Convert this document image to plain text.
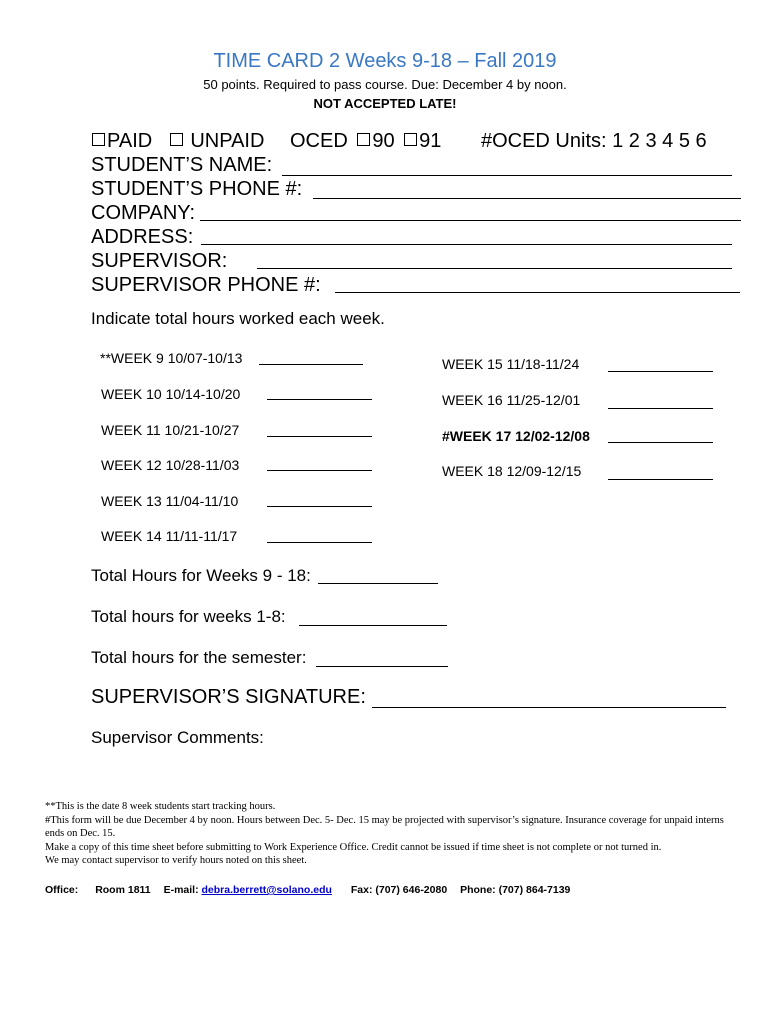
TIME CARD 2 Weeks 9-18 – Fall 2019
50 points. Required to pass course. Due: December 4 by noon.
NOT ACCEPTED LATE!
PAID UNPAID OCED 90 91 #OCED Units: 1 2 3 4 5 6
STUDENT’S NAME:
STUDENT’S PHONE #:
COMPANY:
ADDRESS:
SUPERVISOR:
SUPERVISOR PHONE #:
Indicate total hours worked each week.
**WEEK 9 10/07-10/13
WEEK 10 10/14-10/20
WEEK 11 10/21-10/27
WEEK 12 10/28-11/03
WEEK 13 11/04-11/10
WEEK 14 11/11-11/17
WEEK 15 11/18-11/24
WEEK 16 11/25-12/01
#WEEK 17 12/02-12/08
WEEK 18 12/09-12/15
Total Hours for Weeks 9 - 18:
Total hours for weeks 1-8:
Total hours for the semester:
SUPERVISOR’S SIGNATURE:
Supervisor Comments:
**This is the date 8 week students start tracking hours.
#This form will be due December 4 by noon. Hours between Dec. 5- Dec. 15 may be projected with supervisor’s signature. Insurance coverage for unpaid interns ends on Dec. 15.
Make a copy of this time sheet before submitting to Work Experience Office. Credit cannot be issued if time sheet is not complete or not turned in.
We may contact supervisor to verify hours noted on this sheet.
Office: Room 1811 E-mail: debra.berrett@solano.edu Fax: (707) 646-2080 Phone: (707) 864-7139
